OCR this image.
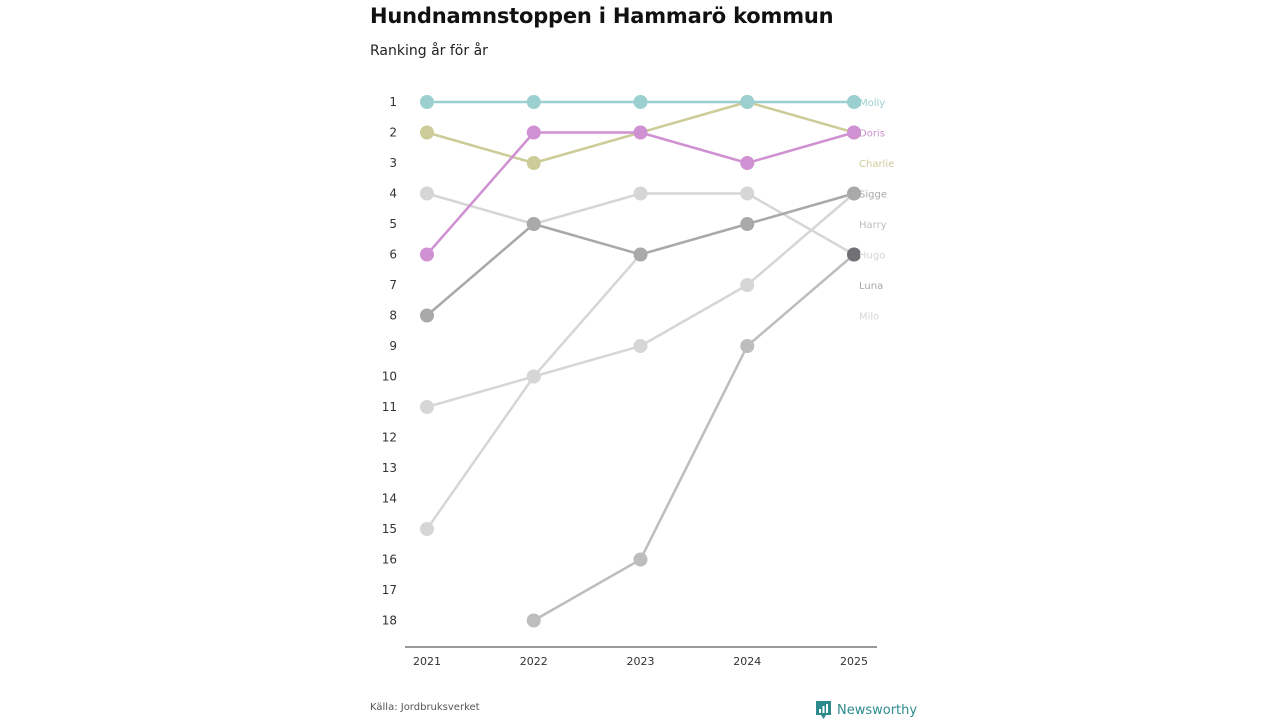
Hundnamnstoppen i Hammarö kommun
Ranking år för år
1
2
3
4
5
6
7
8
9
10
11
12
13
14
15
16
17
18
2021	2022	2023	2024	2025
Molly
Doris
Charlie
Sigge
Harry
Hugo
Luna
Milo
Källa: Jordbruksverket	Newsworthy
